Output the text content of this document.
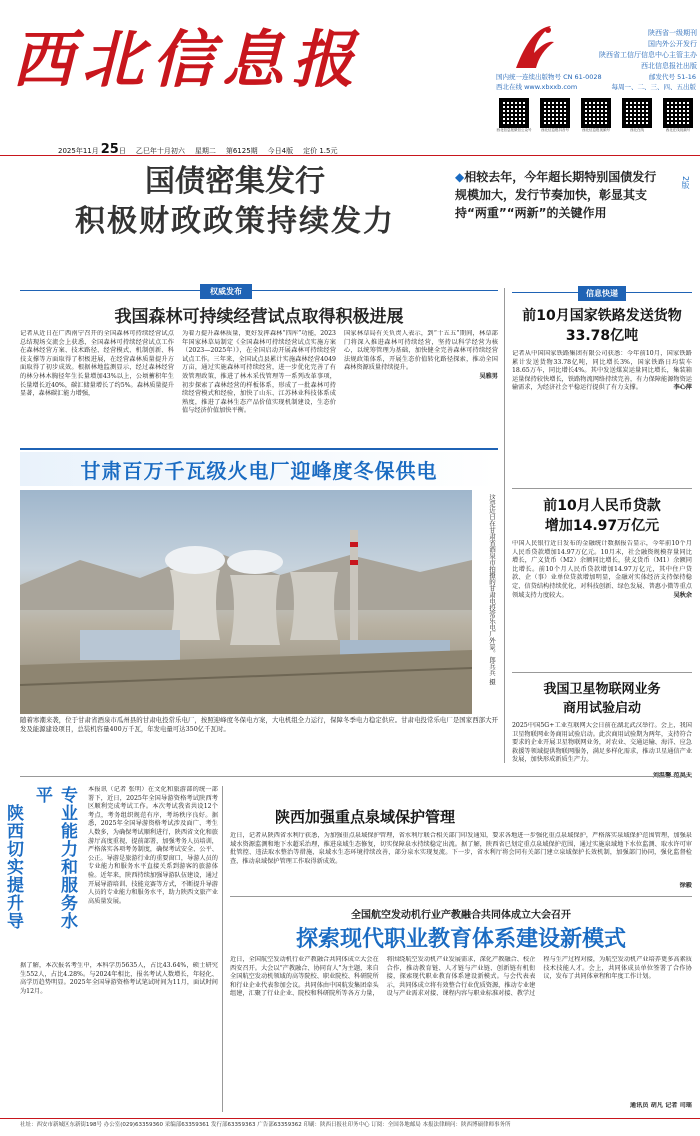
西北信息报	陕西省一级期刊
国内外公开发行
陕西省工信厅信息中心主管主办
西北信息报社出版
国内统一连续出版物号 CN 61-0028	邮发代号 51-16
西北在线 www.xbxxb.com	每周一、二、三、四、五出版
西北信息报微信公众号	西北信息报抖音号	西北信息报视频号	西北在线	西北在线视频号
2025年11月 25 日 乙巳年十月初六 星期二 第6125期 今日4版 定价 1.5元
国债密集发行
积极财政政策持续发力
◆相较去年，今年超长期特别国债发行规模加大，发行节奏加快，彰显其支持“两重”“两新”的关键作用
2版
权威发布
我国森林可持续经营试点取得积极进展

记者从近日在广西南宁召开的全国森林可持续经营试点总结现场交流会上获悉，全国森林可持续经营试点工作在森林经营方案、技术路径、经营模式、机制创新、科技支撑等方面取得了积极进展，在经营森林质量提升方面取得了初步成效。根据林地监测显示，经过森林经营的林分林木胸径年生长量增加43%以上，公顷蓄积年生长量增长近40%，碳汇储量增长了约5%。森林质量提升显著，森林碳汇能力增强，

为着力提升森林质量，更好发挥森林“四库”功能，2023年国家林草局制定《全国森林可持续经营试点实施方案（2023—2025年）》，在全国启动开展森林可持续经营试点工作。三年来，全国试点县累计实施森林经营4049万亩，通过实施森林可持续经营，进一步优化完善了有效管理政策，推进了林木采伐管理等一系列改革事项，初步探索了森林经营的样板体系，形成了一批森林可持续经营模式和经验，加快了山东、江苏林业科技体系成熟度，推进了森林生态产品价值实现机制建设，生态价值与经济价值加快平衡。

国家林草局有关负责人表示，到“十五五”期间，林草部门将深入推进森林可持续经营，坚持以科学经营为核心，以统筹管理为基础，加快健全完善森林可持续经营法规政策体系，开展生态价值转化路径探索，推动全国森林资源质量持续提升。

吴雅男

甘肃百万千瓦级火电厂迎峰度冬保供电
这是近日在甘肃省酒泉市拍摄的甘肃电投常乐电厂外景。郎兵兵 摄
随着寒潮来袭，位于甘肃省酒泉市瓜州县的甘肃电投常乐电厂，按照迎峰度冬保电方案，大电机组全力运行，保障冬季电力稳定供应。甘肃电投常乐电厂是国家西部大开发及能源建设项目，总装机容量400万千瓦，年发电量可达350亿千瓦时。
信息快递
前10月国家铁路发送货物33.78亿吨
记者从中国国家铁路集团有限公司获悉：今年前10月，国家铁路累计发送货物33.78亿吨，同比增长3%，国家铁路日均装车18.65万车，同比增长4%。其中发送煤炭运量同比增长，集装箱运量保持较快增长，铁路物流网络持续完善，有力保障能源物资运输需求，为经济社会平稳运行提供了有力支撑。	李心萍
前10月人民币贷款
增加14.97万亿元
中国人民银行近日发布的金融统计数据报告显示，今年前10个月人民币贷款增加14.97万亿元。10月末，社会融资规模存量同比增长，广义货币（M2）余额同比增长，狭义货币（M1）余额同比增长。前10个月人民币贷款增加14.97万亿元，其中住户贷款、企（事）业单位贷款增加明显，金融对实体经济支持保持稳定，信贷结构持续优化，对科技创新、绿色发展、普惠小微等重点领域支持力度较大。	吴秋余
我国卫星物联网业务
商用试验启动
2025中国5G+工业互联网大会日前在湖北武汉举行。会上，我国卫星物联网业务商用试验启动。此次商用试验期为两年，支持符合要求的企业开展卫星物联网业务，对农业、交通运输、海洋、应急救援等领域提供物联网服务，满足多样化需求，推动卫星通信产业发展，加快形成新质生产力。
专业能力和服务水平
陕西切实提升导
本报讯（记者 张明）在文化和旅游部的统一部署下，近日，2025年全国导游资格考试陕西考区顺利完成考试工作。本次考试我省共设12个考点，考务组织规范有序，考场秩序良好。据悉，2025年全国导游资格考试涉及面广、考生人数多，为确保考试顺利进行，陕西省文化和旅游厅高度重视，提前部署，加强考务人员培训，严格落实各项考务制度，确保考试安全、公平、公正。导游是旅游行业的重要窗口，导游人员的专业能力和服务水平直接关系到游客的旅游体验。近年来，陕西持续加强导游队伍建设，通过开展导游培训、技能竞赛等方式，不断提升导游人员的专业能力和服务水平，助力陕西文旅产业高质量发展。
据了解，本次报名考生中，本科学历5635人，占比43.64%，硕士研究生552人，占比4.28%。与2024年相比，报名考试人数增长，年轻化、高学历趋势明显。2025年全国导游资格考试笔试时间为11月，面试时间为12月。
陕西加强重点泉域保护管理
近日，记者从陕西省水利厅获悉，为加强重点泉域保护管理，省水利厅联合相关部门印发通知，要求各地进一步强化重点泉域保护，严格落实泉域保护范围管理，加强泉域水资源监测和地下水超采治理，推进泉域生态修复，切实保障泉水持续稳定出流。据了解，陕西省已划定重点泉域保护范围，通过实施泉域地下水位监测、取水许可审批管控、违法取水整治等措施，泉域水生态环境持续改善，部分泉水实现复流。下一步，省水利厅将会同有关部门建立泉域保护长效机制，加强部门协同，强化监督检查，推动泉域保护管理工作取得新成效。
徐毅
全国航空发动机行业产教融合共同体成立大会召开
探索现代职业教育体系建设新模式
近日，全国航空发动机行业产教融合共同体成立大会在西安召开。大会以“产教融合、协同育人”为主题，来自全国航空发动机领域的高等院校、职业院校、科研院所和行业企业代表参加会议。共同体由中国航发集团牵头组建，汇聚了行业企业、院校和科研院所等各方力量，将围绕航空发动机产业发展需求，深化产教融合、校企合作，推动教育链、人才链与产业链、创新链有机衔接，探索现代职业教育体系建设新模式。与会代表表示，共同体成立将有效整合行业优质资源，推动专业建设与产业需求对接、课程内容与职业标准对接、教学过程与生产过程对接，为航空发动机产业培养更多高素质技术技能人才。会上，共同体成员单位签署了合作协议，发布了共同体章程和年度工作计划。
通讯员 胡凡 记者 司瑶
社址：西安市新城区东新街198号 办公室(029)63359360 采编部63359361 发行部63359363 广告部63359362 印刷：陕西日报社印务中心 订阅：全国各地邮局 本报法律顾问：陕西博硕律师事务所
